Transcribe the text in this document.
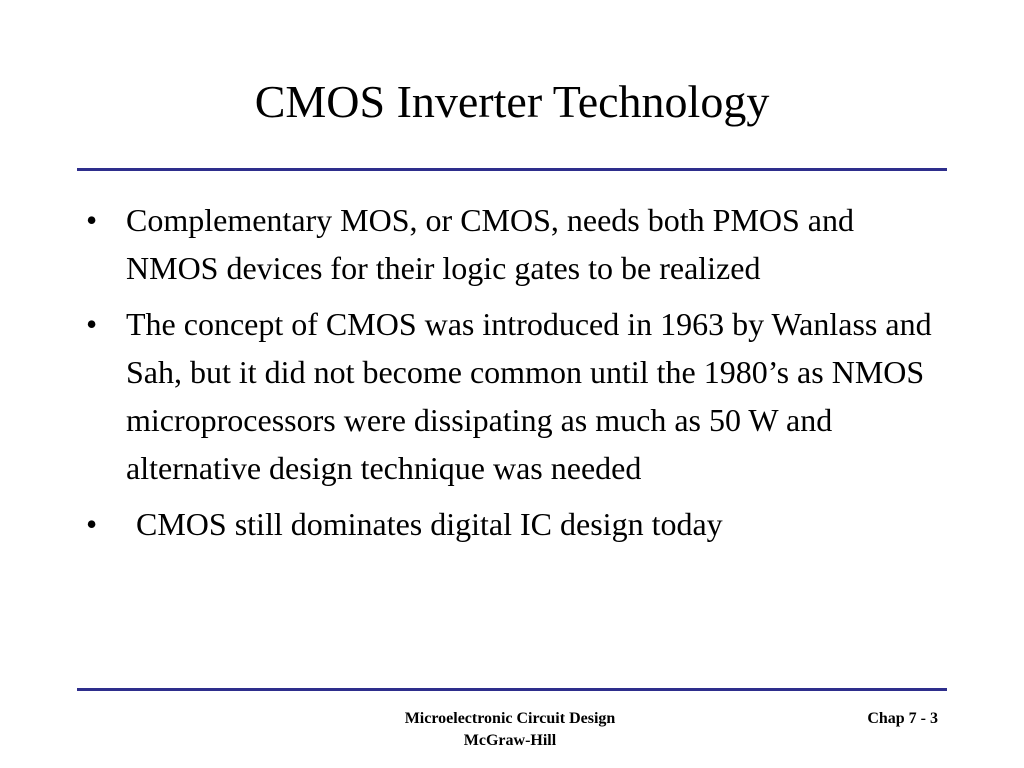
CMOS Inverter Technology
• Complementary MOS, or CMOS, needs both PMOS and NMOS devices for their logic gates to be realized
• The concept of CMOS was introduced in 1963 by Wanlass and Sah, but it did not become common until the 1980’s as NMOS microprocessors were dissipating as much as 50 W and alternative design technique was needed
• CMOS still dominates digital IC design today
Microelectronic Circuit Design
McGraw-Hill
Chap 7 - 3
